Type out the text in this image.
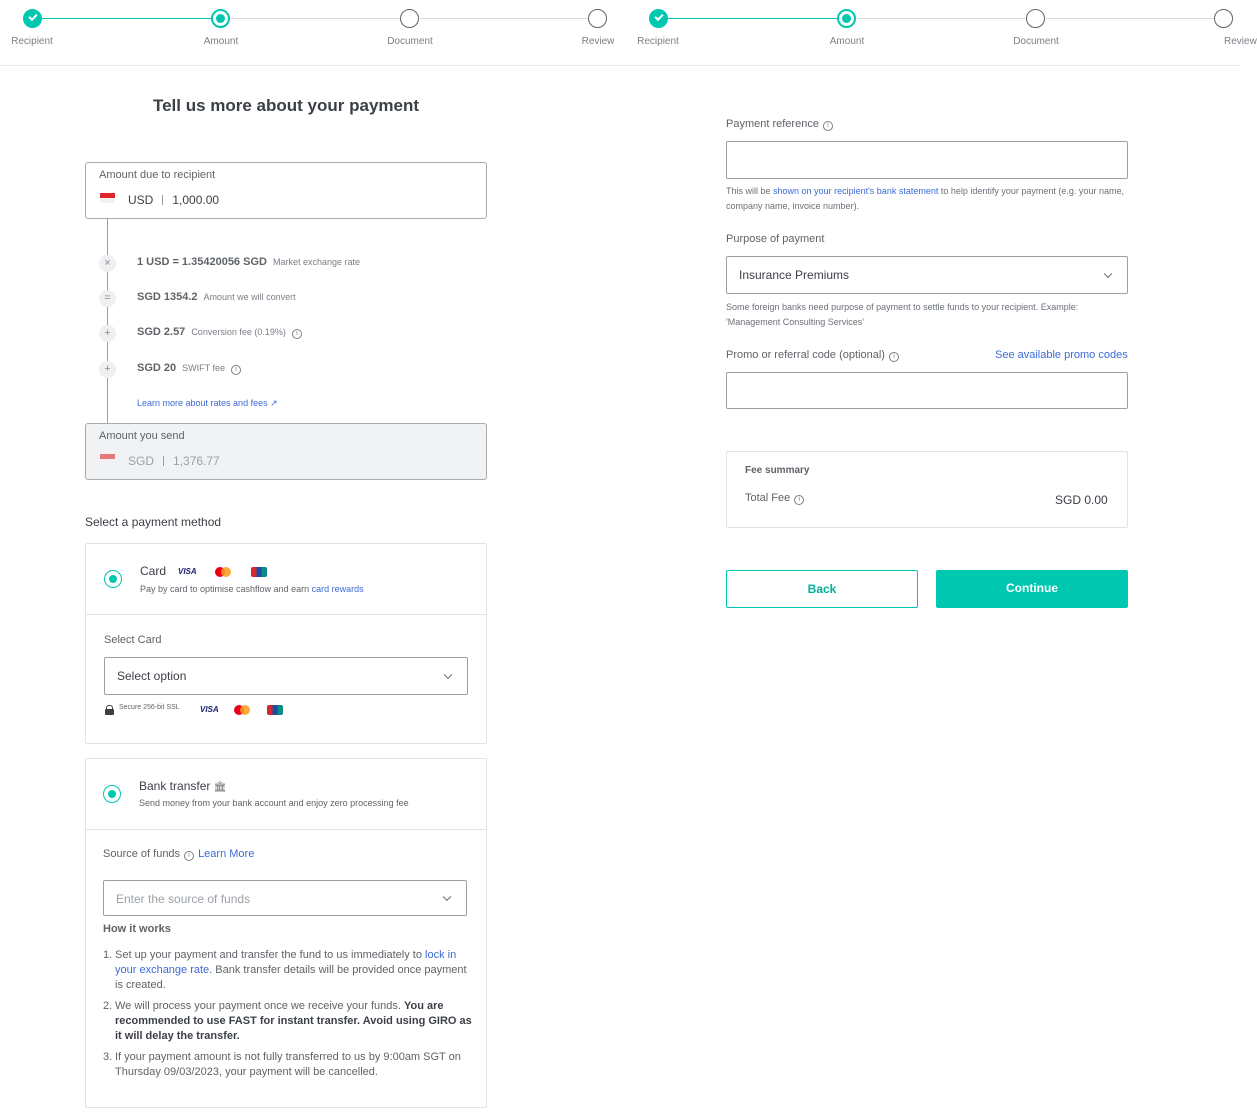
Recipient	Amount	Document	Review Recipient	Amount	Document	Review
Tell us more about your payment
Amount due to recipient
USD 1,000.00
×	1 USD = 1.35420056 SGD Market exchange rate
=	SGD 1354.2 Amount we will convert
+	SGD 2.57 Conversion fee (0.19%) i
+	SGD 20 SWIFT fee i
Learn more about rates and fees ↗
Amount you send
SGD 1,376.77
Select a payment method
Card VISA
Pay by card to optimise cashflow and earn card rewards
Select Card
Select option
Secure 256-bit SSL	VISA
Bank transfer 🏛
Send money from your bank account and enjoy zero processing fee
Source of funds i Learn More
Enter the source of funds
How it works
1. Set up your payment and transfer the fund to us immediately to lock in your exchange rate. Bank transfer details will be provided once payment is created.
2. We will process your payment once we receive your funds. You are recommended to use FAST for instant transfer. Avoid using GIRO as it will delay the transfer.
3. If your payment amount is not fully transferred to us by 9:00am SGT on Thursday 09/03/2023, your payment will be cancelled.
Payment reference i
This will be shown on your recipient's bank statement to help identify your payment (e.g. your name, company name, invoice number).
Purpose of payment
Insurance Premiums
Some foreign banks need purpose of payment to settle funds to your recipient. Example: 'Management Consulting Services'
Promo or referral code (optional) i	See available promo codes
Fee summary
Total Fee i	SGD 0.00
Back	Continue
